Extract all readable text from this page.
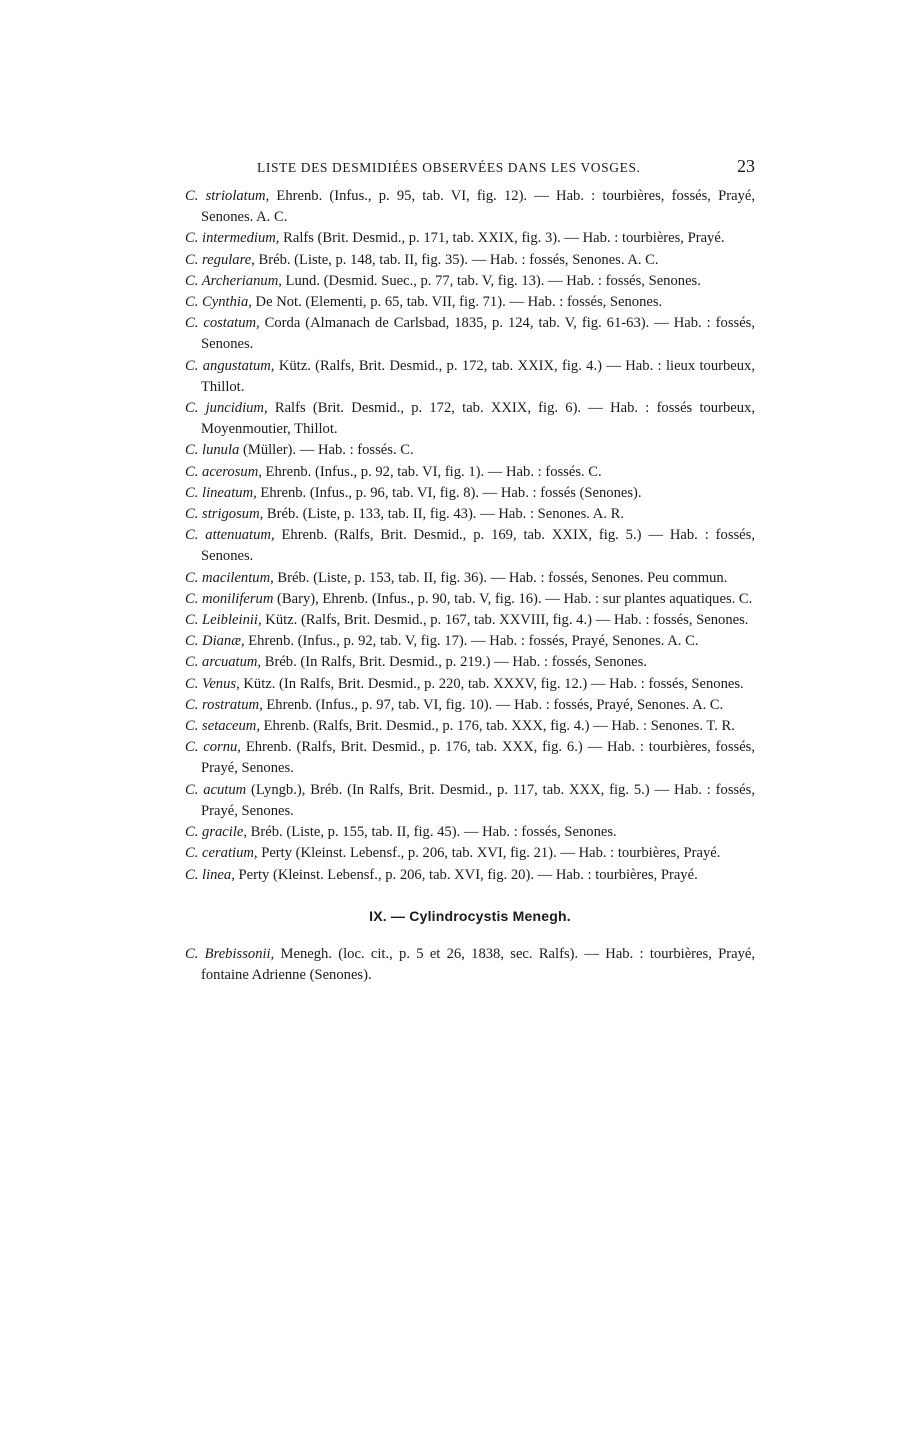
LISTE DES DESMIDIÉES OBSERVÉES DANS LES VOSGES.	23
C. striolatum, Ehrenb. (Infus., p. 95, tab. VI, fig. 12). — Hab. : tourbières, fossés, Prayé, Senones. A. C.
C. intermedium, Ralfs (Brit. Desmid., p. 171, tab. XXIX, fig. 3). — Hab. : tourbières, Prayé.
C. regulare, Bréb. (Liste, p. 148, tab. II, fig. 35). — Hab. : fossés, Senones. A. C.
C. Archerianum, Lund. (Desmid. Suec., p. 77, tab. V, fig. 13). — Hab. : fossés, Senones.
C. Cynthia, De Not. (Elementi, p. 65, tab. VII, fig. 71). — Hab. : fossés, Senones.
C. costatum, Corda (Almanach de Carlsbad, 1835, p. 124, tab. V, fig. 61-63). — Hab. : fossés, Senones.
C. angustatum, Kütz. (Ralfs, Brit. Desmid., p. 172, tab. XXIX, fig. 4.) — Hab. : lieux tourbeux, Thillot.
C. juncidium, Ralfs (Brit. Desmid., p. 172, tab. XXIX, fig. 6). — Hab. : fossés tourbeux, Moyenmoutier, Thillot.
C. lunula (Müller). — Hab. : fossés. C.
C. acerosum, Ehrenb. (Infus., p. 92, tab. VI, fig. 1). — Hab. : fossés. C.
C. lineatum, Ehrenb. (Infus., p. 96, tab. VI, fig. 8). — Hab. : fossés (Senones).
C. strigosum, Bréb. (Liste, p. 133, tab. II, fig. 43). — Hab. : Senones. A. R.
C. attenuatum, Ehrenb. (Ralfs, Brit. Desmid., p. 169, tab. XXIX, fig. 5.) — Hab. : fossés, Senones.
C. macilentum, Bréb. (Liste, p. 153, tab. II, fig. 36). — Hab. : fossés, Senones. Peu commun.
C. moniliferum (Bary), Ehrenb. (Infus., p. 90, tab. V, fig. 16). — Hab. : sur plantes aquatiques. C.
C. Leibleinii, Kütz. (Ralfs, Brit. Desmid., p. 167, tab. XXVIII, fig. 4.) — Hab. : fossés, Senones.
C. Dianæ, Ehrenb. (Infus., p. 92, tab. V, fig. 17). — Hab. : fossés, Prayé, Senones. A. C.
C. arcuatum, Bréb. (In Ralfs, Brit. Desmid., p. 219.) — Hab. : fossés, Senones.
C. Venus, Kütz. (In Ralfs, Brit. Desmid., p. 220, tab. XXXV, fig. 12.) — Hab. : fossés, Senones.
C. rostratum, Ehrenb. (Infus., p. 97, tab. VI, fig. 10). — Hab. : fossés, Prayé, Senones. A. C.
C. setaceum, Ehrenb. (Ralfs, Brit. Desmid., p. 176, tab. XXX, fig. 4.) — Hab. : Senones. T. R.
C. cornu, Ehrenb. (Ralfs, Brit. Desmid., p. 176, tab. XXX, fig. 6.) — Hab. : tourbières, fossés, Prayé, Senones.
C. acutum (Lyngb.), Bréb. (In Ralfs, Brit. Desmid., p. 117, tab. XXX, fig. 5.) — Hab. : fossés, Prayé, Senones.
C. gracile, Bréb. (Liste, p. 155, tab. II, fig. 45). — Hab. : fossés, Senones.
C. ceratium, Perty (Kleinst. Lebensf., p. 206, tab. XVI, fig. 21). — Hab. : tourbières, Prayé.
C. linea, Perty (Kleinst. Lebensf., p. 206, tab. XVI, fig. 20). — Hab. : tourbières, Prayé.
IX. — Cylindrocystis Menegh.
C. Brebissonii, Menegh. (loc. cit., p. 5 et 26, 1838, sec. Ralfs). — Hab. : tourbières, Prayé, fontaine Adrienne (Senones).
